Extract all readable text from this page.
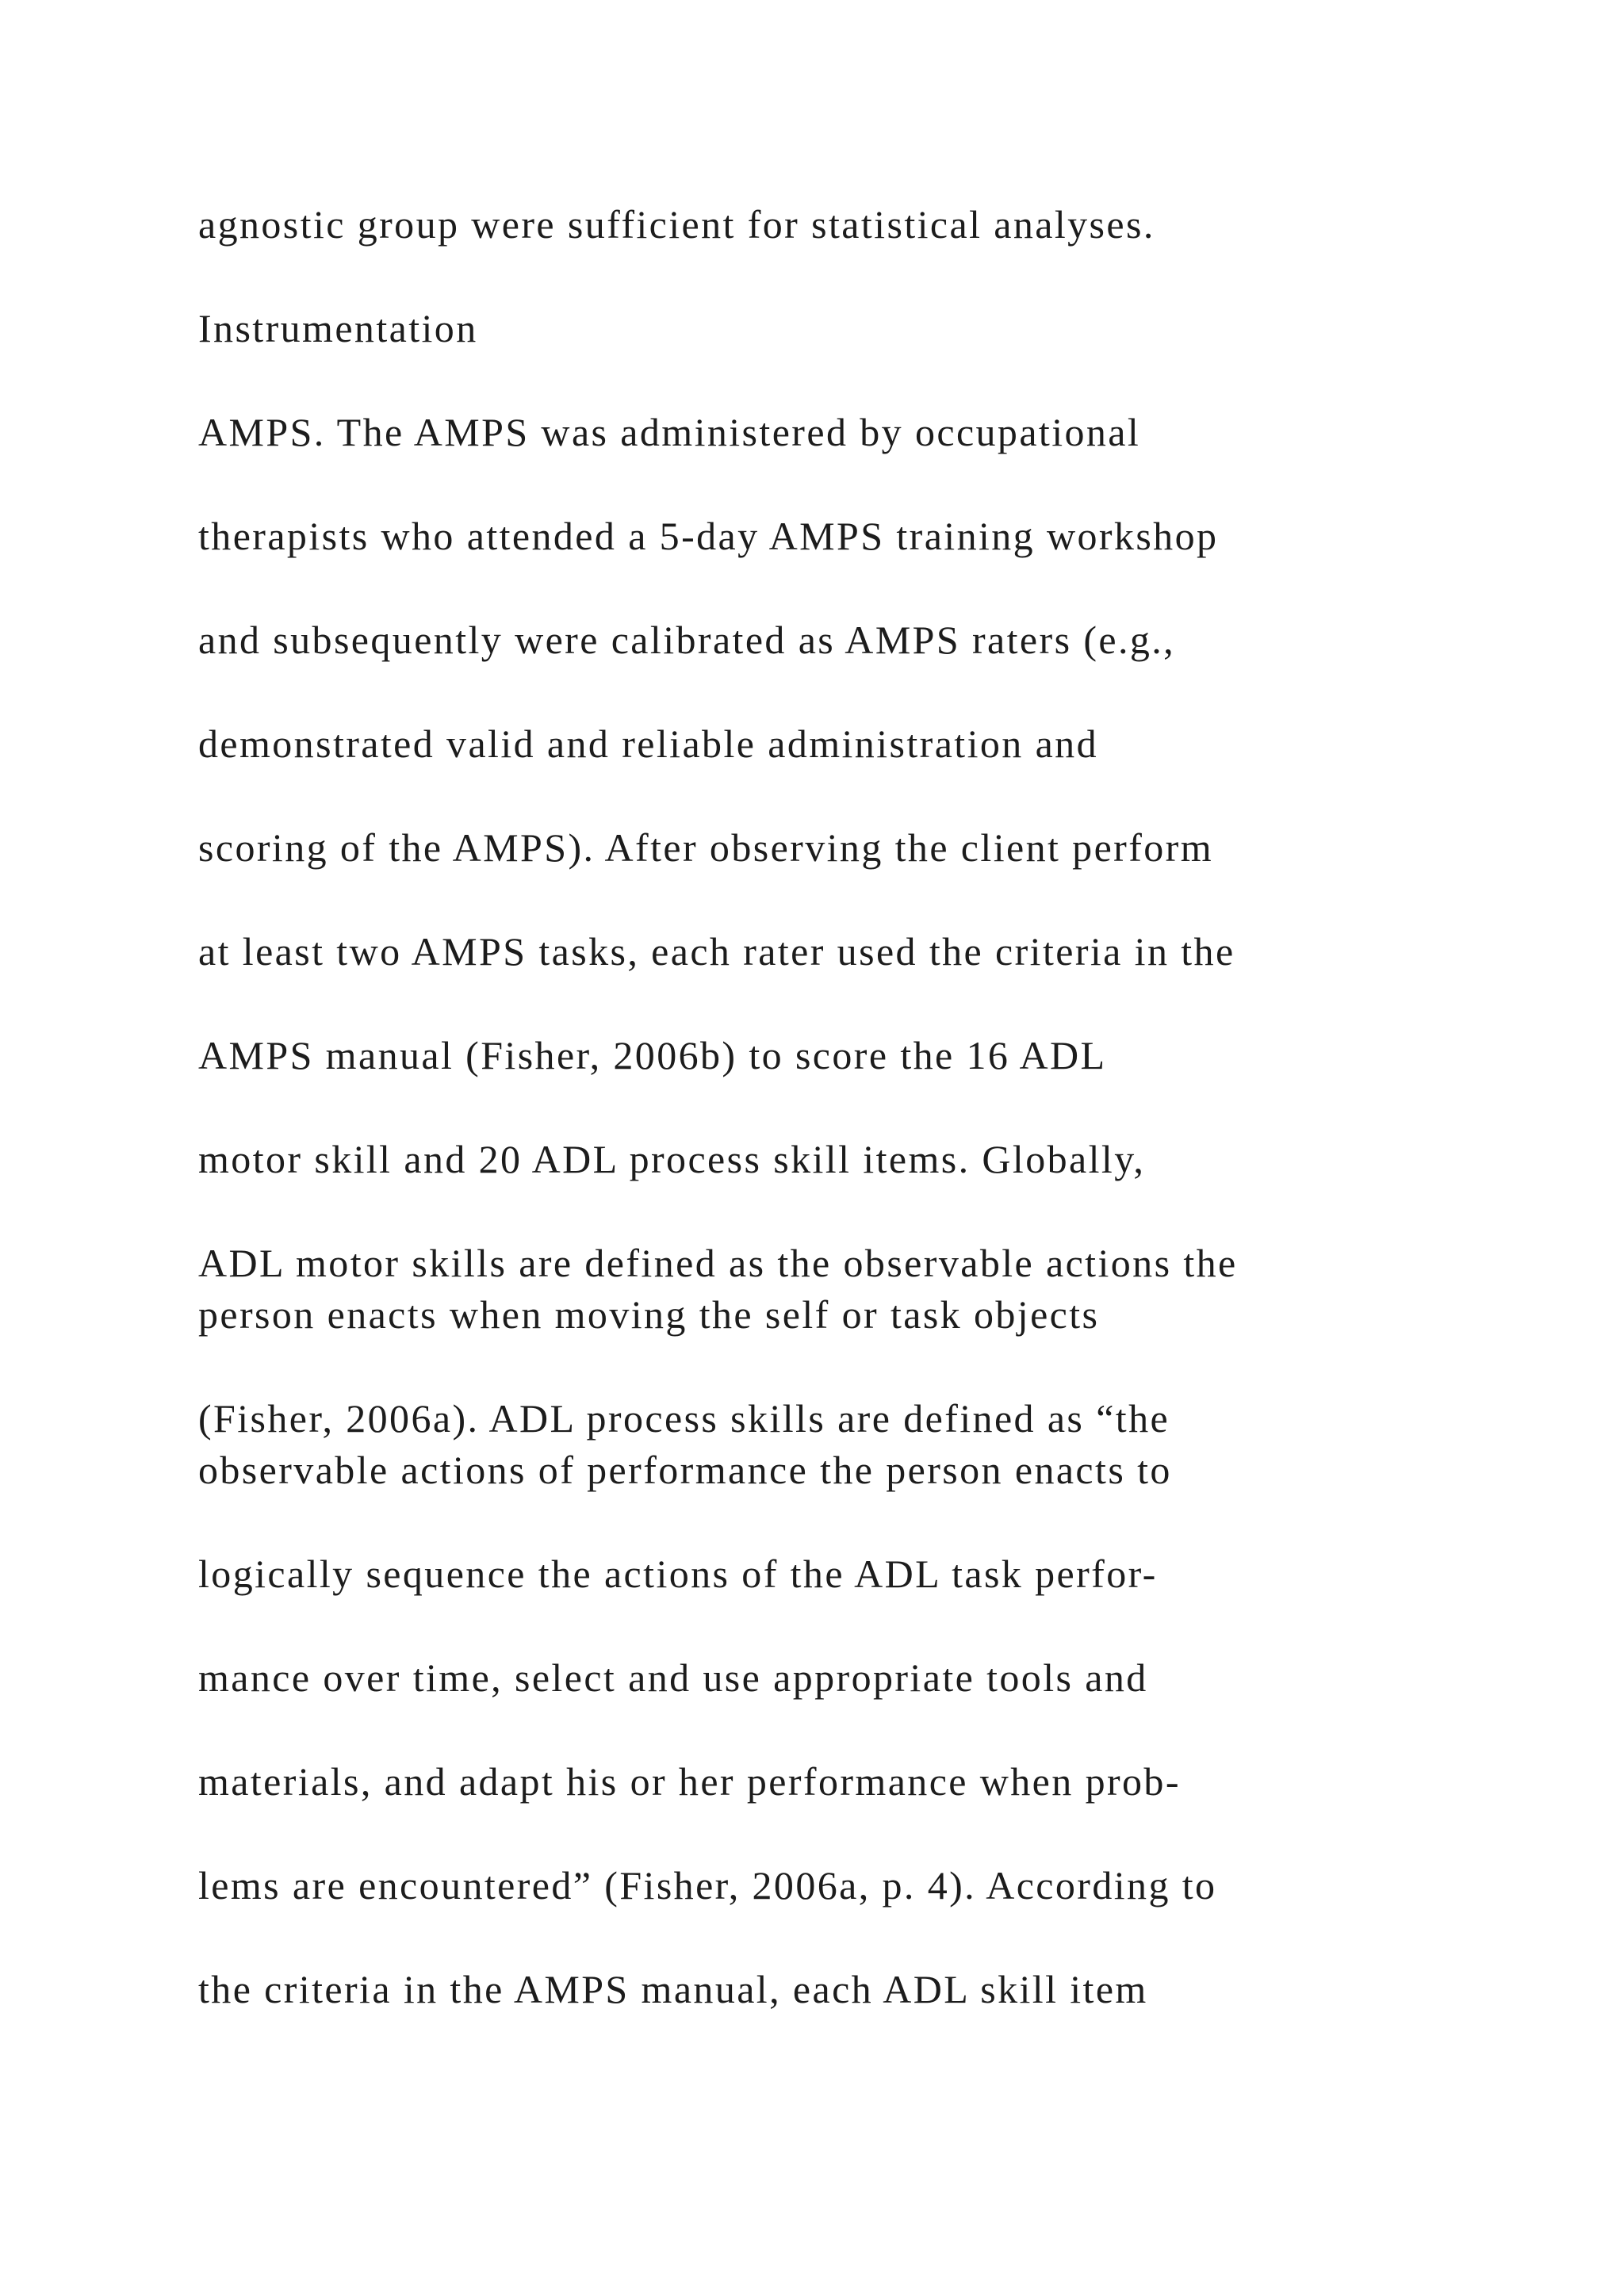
agnostic group were sufficient for statistical analyses.

Instrumentation

AMPS. The AMPS was administered by occupational

therapists who attended a 5-day AMPS training workshop

and subsequently were calibrated as AMPS raters (e.g.,

demonstrated valid and reliable administration and

scoring of the AMPS). After observing the client perform

at least two AMPS tasks, each rater used the criteria in the

AMPS manual (Fisher, 2006b) to score the 16 ADL

motor skill and 20 ADL process skill items. Globally,

ADL motor skills are defined as the observable actions the

person enacts when moving the self or task objects

(Fisher, 2006a). ADL process skills are defined as “the

observable actions of performance the person enacts to

logically sequence the actions of the ADL task perfor-

mance over time, select and use appropriate tools and

materials, and adapt his or her performance when prob-

lems are encountered” (Fisher, 2006a, p. 4). According to

the criteria in the AMPS manual, each ADL skill item
